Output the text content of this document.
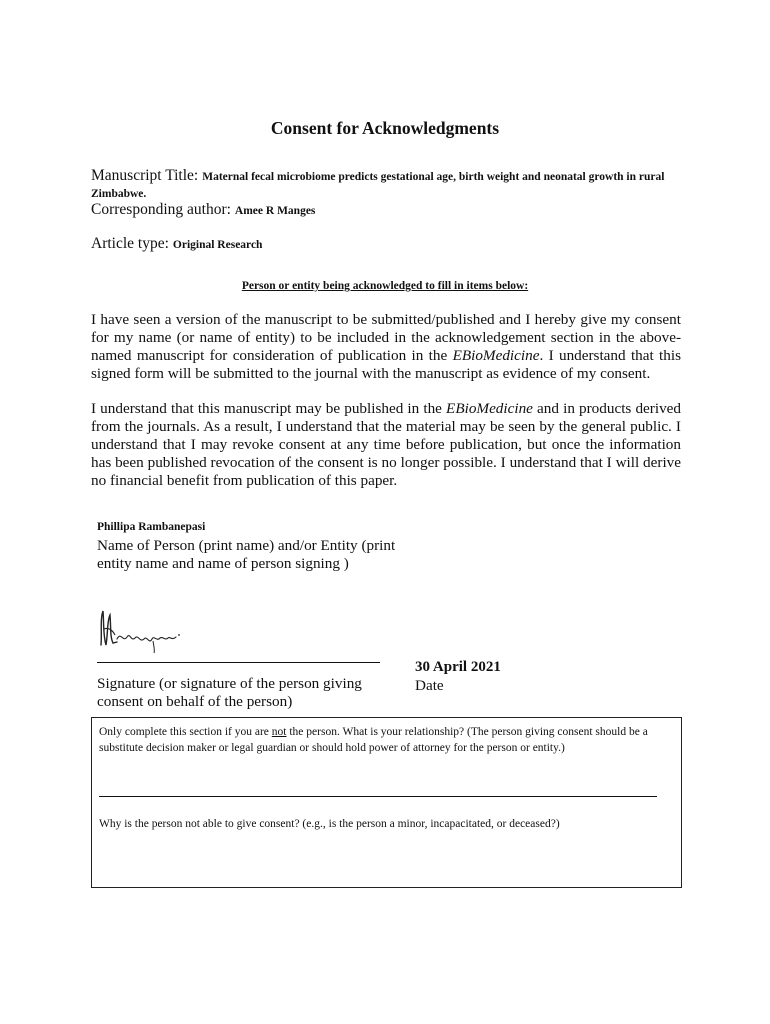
Consent for Acknowledgments
Manuscript Title: Maternal fecal microbiome predicts gestational age, birth weight and neonatal growth in rural Zimbabwe.
Corresponding author: Amee R Manges
Article type: Original Research
Person or entity being acknowledged to fill in items below:
I have seen a version of the manuscript to be submitted/published and I hereby give my consent for my name (or name of entity) to be included in the acknowledgement section in the above-named manuscript for consideration of publication in the EBioMedicine. I understand that this signed form will be submitted to the journal with the manuscript as evidence of my consent.
I understand that this manuscript may be published in the EBioMedicine and in products derived from the journals. As a result, I understand that the material may be seen by the general public. I understand that I may revoke consent at any time before publication, but once the information has been published revocation of the consent is no longer possible. I understand that I will derive no financial benefit from publication of this paper.
Phillipa Rambanepasi
Name of Person (print name) and/or Entity (print entity name and name of person signing )
Signature (or signature of the person giving consent on behalf of the person)
30 April 2021
Date
Only complete this section if you are not the person. What is your relationship? (The person giving consent should be a substitute decision maker or legal guardian or should hold power of attorney for the person or entity.)
Why is the person not able to give consent? (e.g., is the person a minor, incapacitated, or deceased?)
